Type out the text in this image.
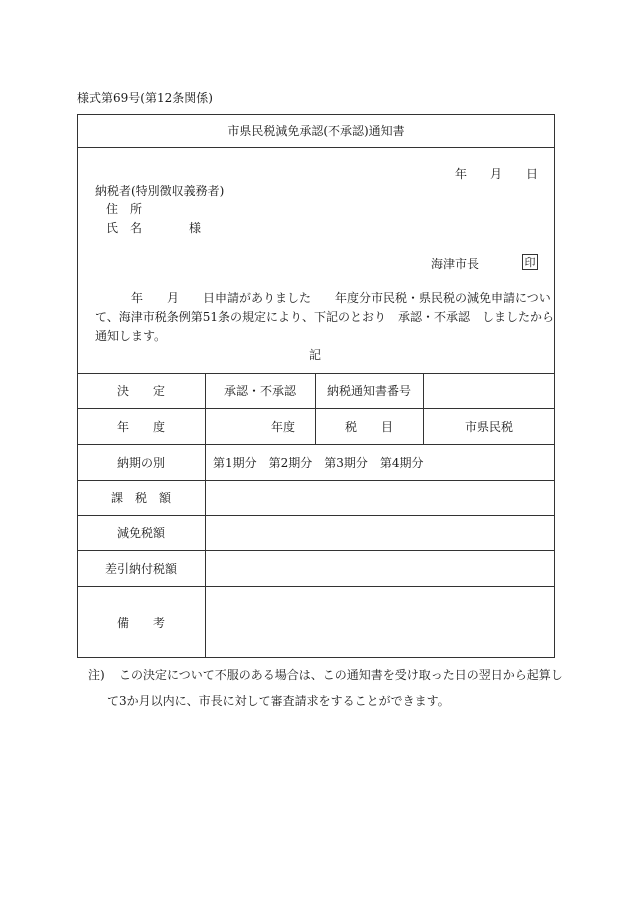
様式第69号(第12条関係)
市県民税減免承認(不承認)通知書
年 月 日
納税者(特別徴収義務者)
住　所
氏　名	様
海津市長	印
年　　月　　日申請がありました　　年度分市民税・県民税の減免申請につい
て、海津市税条例第51条の規定により、下記のとおり　承認・不承認　しましたから
通知します。
記
決　　定	承認・不承認	納税通知書番号
年　　度	年度	税　　目	市県民税
納期の別	第1期分　第2期分　第3期分　第4期分
課　税　額
減免税額
差引納付税額
備　　考
注) この決定について不服のある場合は、この通知書を受け取った日の翌日から起算し
て3か月以内に、市長に対して審査請求をすることができます。
